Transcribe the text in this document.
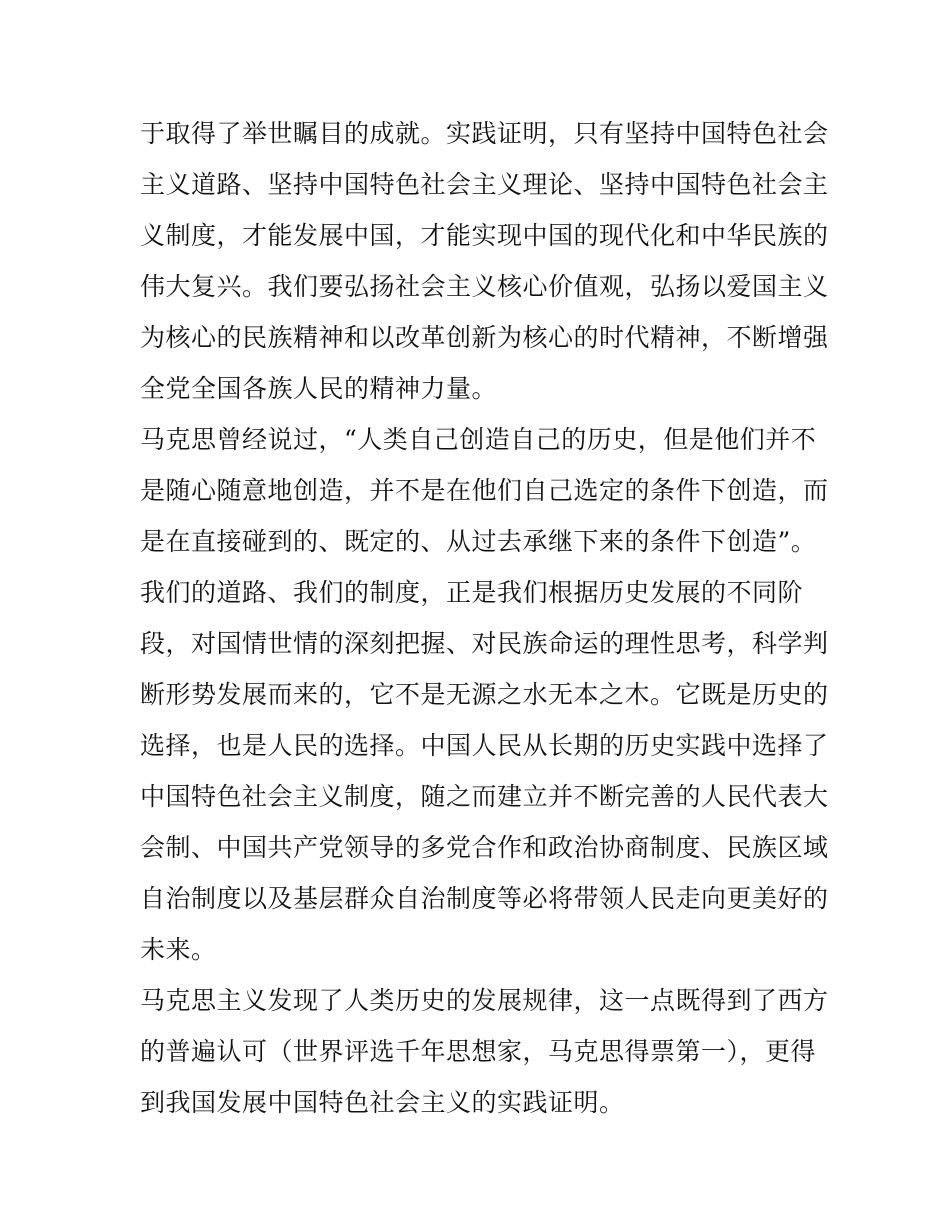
于取得了举世瞩目的成就。实践证明，只有坚持中国特色社会
主义道路、坚持中国特色社会主义理论、坚持中国特色社会主
义制度，才能发展中国，才能实现中国的现代化和中华民族的
伟大复兴。我们要弘扬社会主义核心价值观，弘扬以爱国主义
为核心的民族精神和以改革创新为核心的时代精神，不断增强
全党全国各族人民的精神力量。
马克思曾经说过，“人类自己创造自己的历史，但是他们并不
是随心随意地创造，并不是在他们自己选定的条件下创造，而
是在直接碰到的、既定的、从过去承继下来的条件下创造”。
我们的道路、我们的制度，正是我们根据历史发展的不同阶
段，对国情世情的深刻把握、对民族命运的理性思考，科学判
断形势发展而来的，它不是无源之水无本之木。它既是历史的
选择，也是人民的选择。中国人民从长期的历史实践中选择了
中国特色社会主义制度，随之而建立并不断完善的人民代表大
会制、中国共产党领导的多党合作和政治协商制度、民族区域
自治制度以及基层群众自治制度等必将带领人民走向更美好的
未来。
马克思主义发现了人类历史的发展规律，这一点既得到了西方
的普遍认可（世界评选千年思想家，马克思得票第一），更得
到我国发展中国特色社会主义的实践证明。
